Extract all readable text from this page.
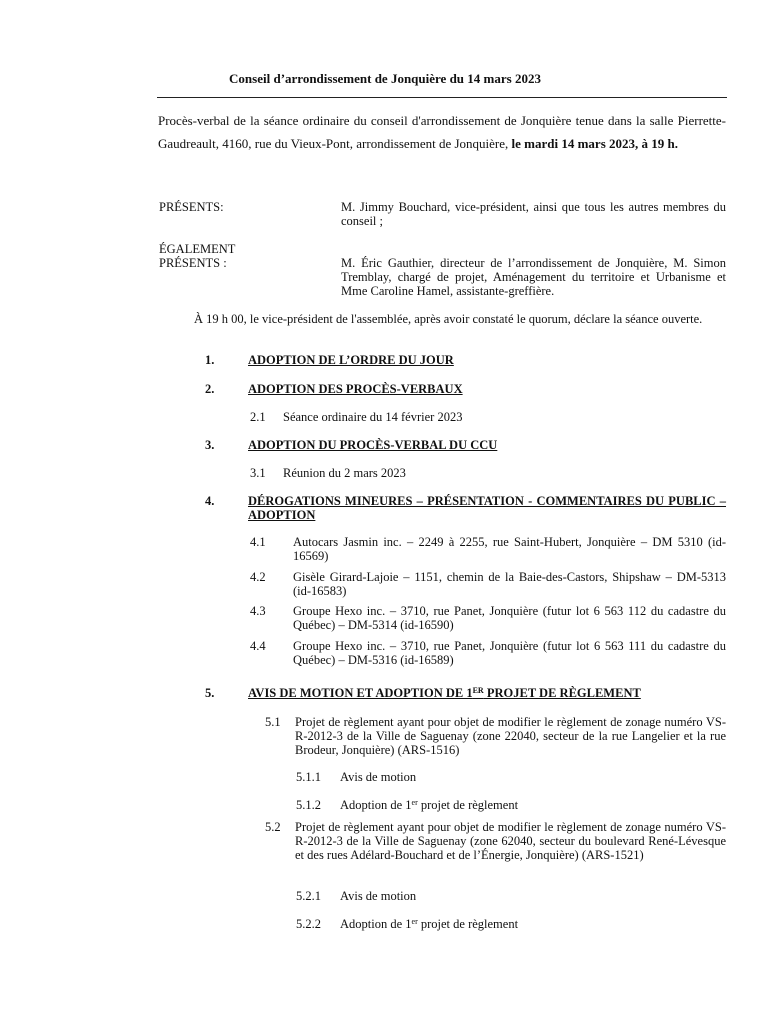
Conseil d’arrondissement de Jonquière du 14 mars 2023
Procès-verbal de la séance ordinaire du conseil d'arrondissement de Jonquière tenue dans la salle Pierrette-Gaudreault, 4160, rue du Vieux-Pont, arrondissement de Jonquière, le mardi 14 mars 2023, à 19 h.
PRÉSENTS:	M. Jimmy Bouchard, vice-président, ainsi que tous les autres membres du conseil ;
ÉGALEMENT
PRÉSENTS :	M. Éric Gauthier, directeur de l’arrondissement de Jonquière, M. Simon Tremblay, chargé de projet, Aménagement du territoire et Urbanisme et Mme Caroline Hamel, assistante-greffière.
À 19 h 00, le vice-président de l'assemblée, après avoir constaté le quorum, déclare la séance ouverte.
1.	ADOPTION DE L’ORDRE DU JOUR
2.	ADOPTION DES PROCÈS-VERBAUX
2.1 Séance ordinaire du 14 février 2023
3.	ADOPTION DU PROCÈS-VERBAL DU CCU
3.1 Réunion du 2 mars 2023
4.	DÉROGATIONS MINEURES – PRÉSENTATION - COMMENTAIRES DU PUBLIC – ADOPTION
4.1 Autocars Jasmin inc. – 2249 à 2255, rue Saint-Hubert, Jonquière – DM 5310 (id-16569)
4.2 Gisèle Girard-Lajoie – 1151, chemin de la Baie-des-Castors, Shipshaw – DM-5313 (id-16583)
4.3 Groupe Hexo inc. – 3710, rue Panet, Jonquière (futur lot 6 563 112 du cadastre du Québec) – DM-5314 (id-16590)
4.4 Groupe Hexo inc. – 3710, rue Panet, Jonquière (futur lot 6 563 111 du cadastre du Québec) – DM-5316 (id-16589)
5.	AVIS DE MOTION ET ADOPTION DE 1ER PROJET DE RÈGLEMENT
5.1 Projet de règlement ayant pour objet de modifier le règlement de zonage numéro VS-R-2012-3 de la Ville de Saguenay (zone 22040, secteur de la rue Langelier et la rue Brodeur, Jonquière) (ARS-1516)
5.1.1 Avis de motion
5.1.2 Adoption de 1er projet de règlement
5.2 Projet de règlement ayant pour objet de modifier le règlement de zonage numéro VS-R-2012-3 de la Ville de Saguenay (zone 62040, secteur du boulevard René-Lévesque et des rues Adélard-Bouchard et de l’Énergie, Jonquière) (ARS-1521)
5.2.1 Avis de motion
5.2.2 Adoption de 1er projet de règlement
